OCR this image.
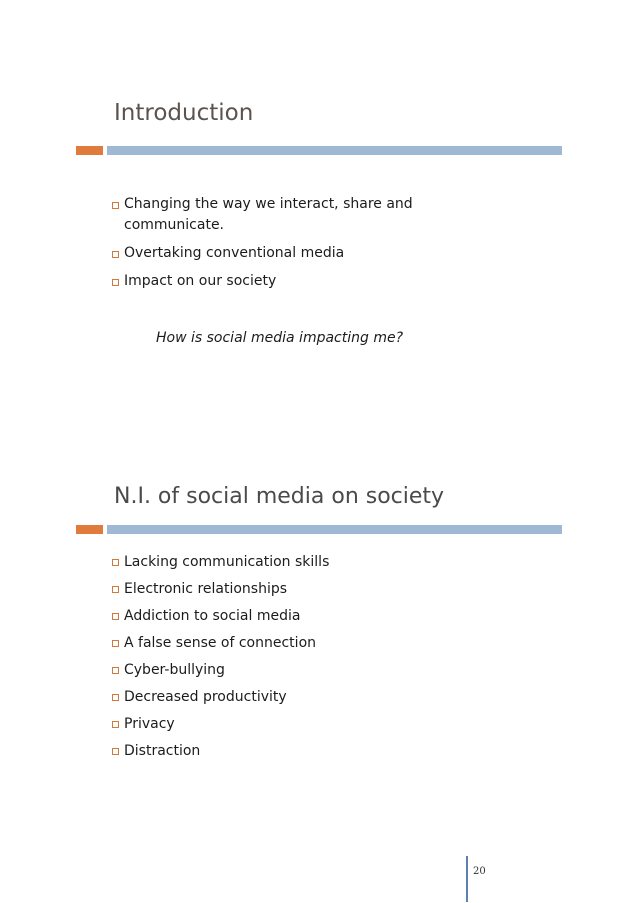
Introduction
Changing the way we interact, share and
communicate.
Overtaking conventional media
Impact on our society
How is social media impacting me?
N.I. of social media on society
Lacking communication skills
Electronic relationships
Addiction to social media
A false sense of connection
Cyber-bullying
Decreased productivity
Privacy
Distraction
20
